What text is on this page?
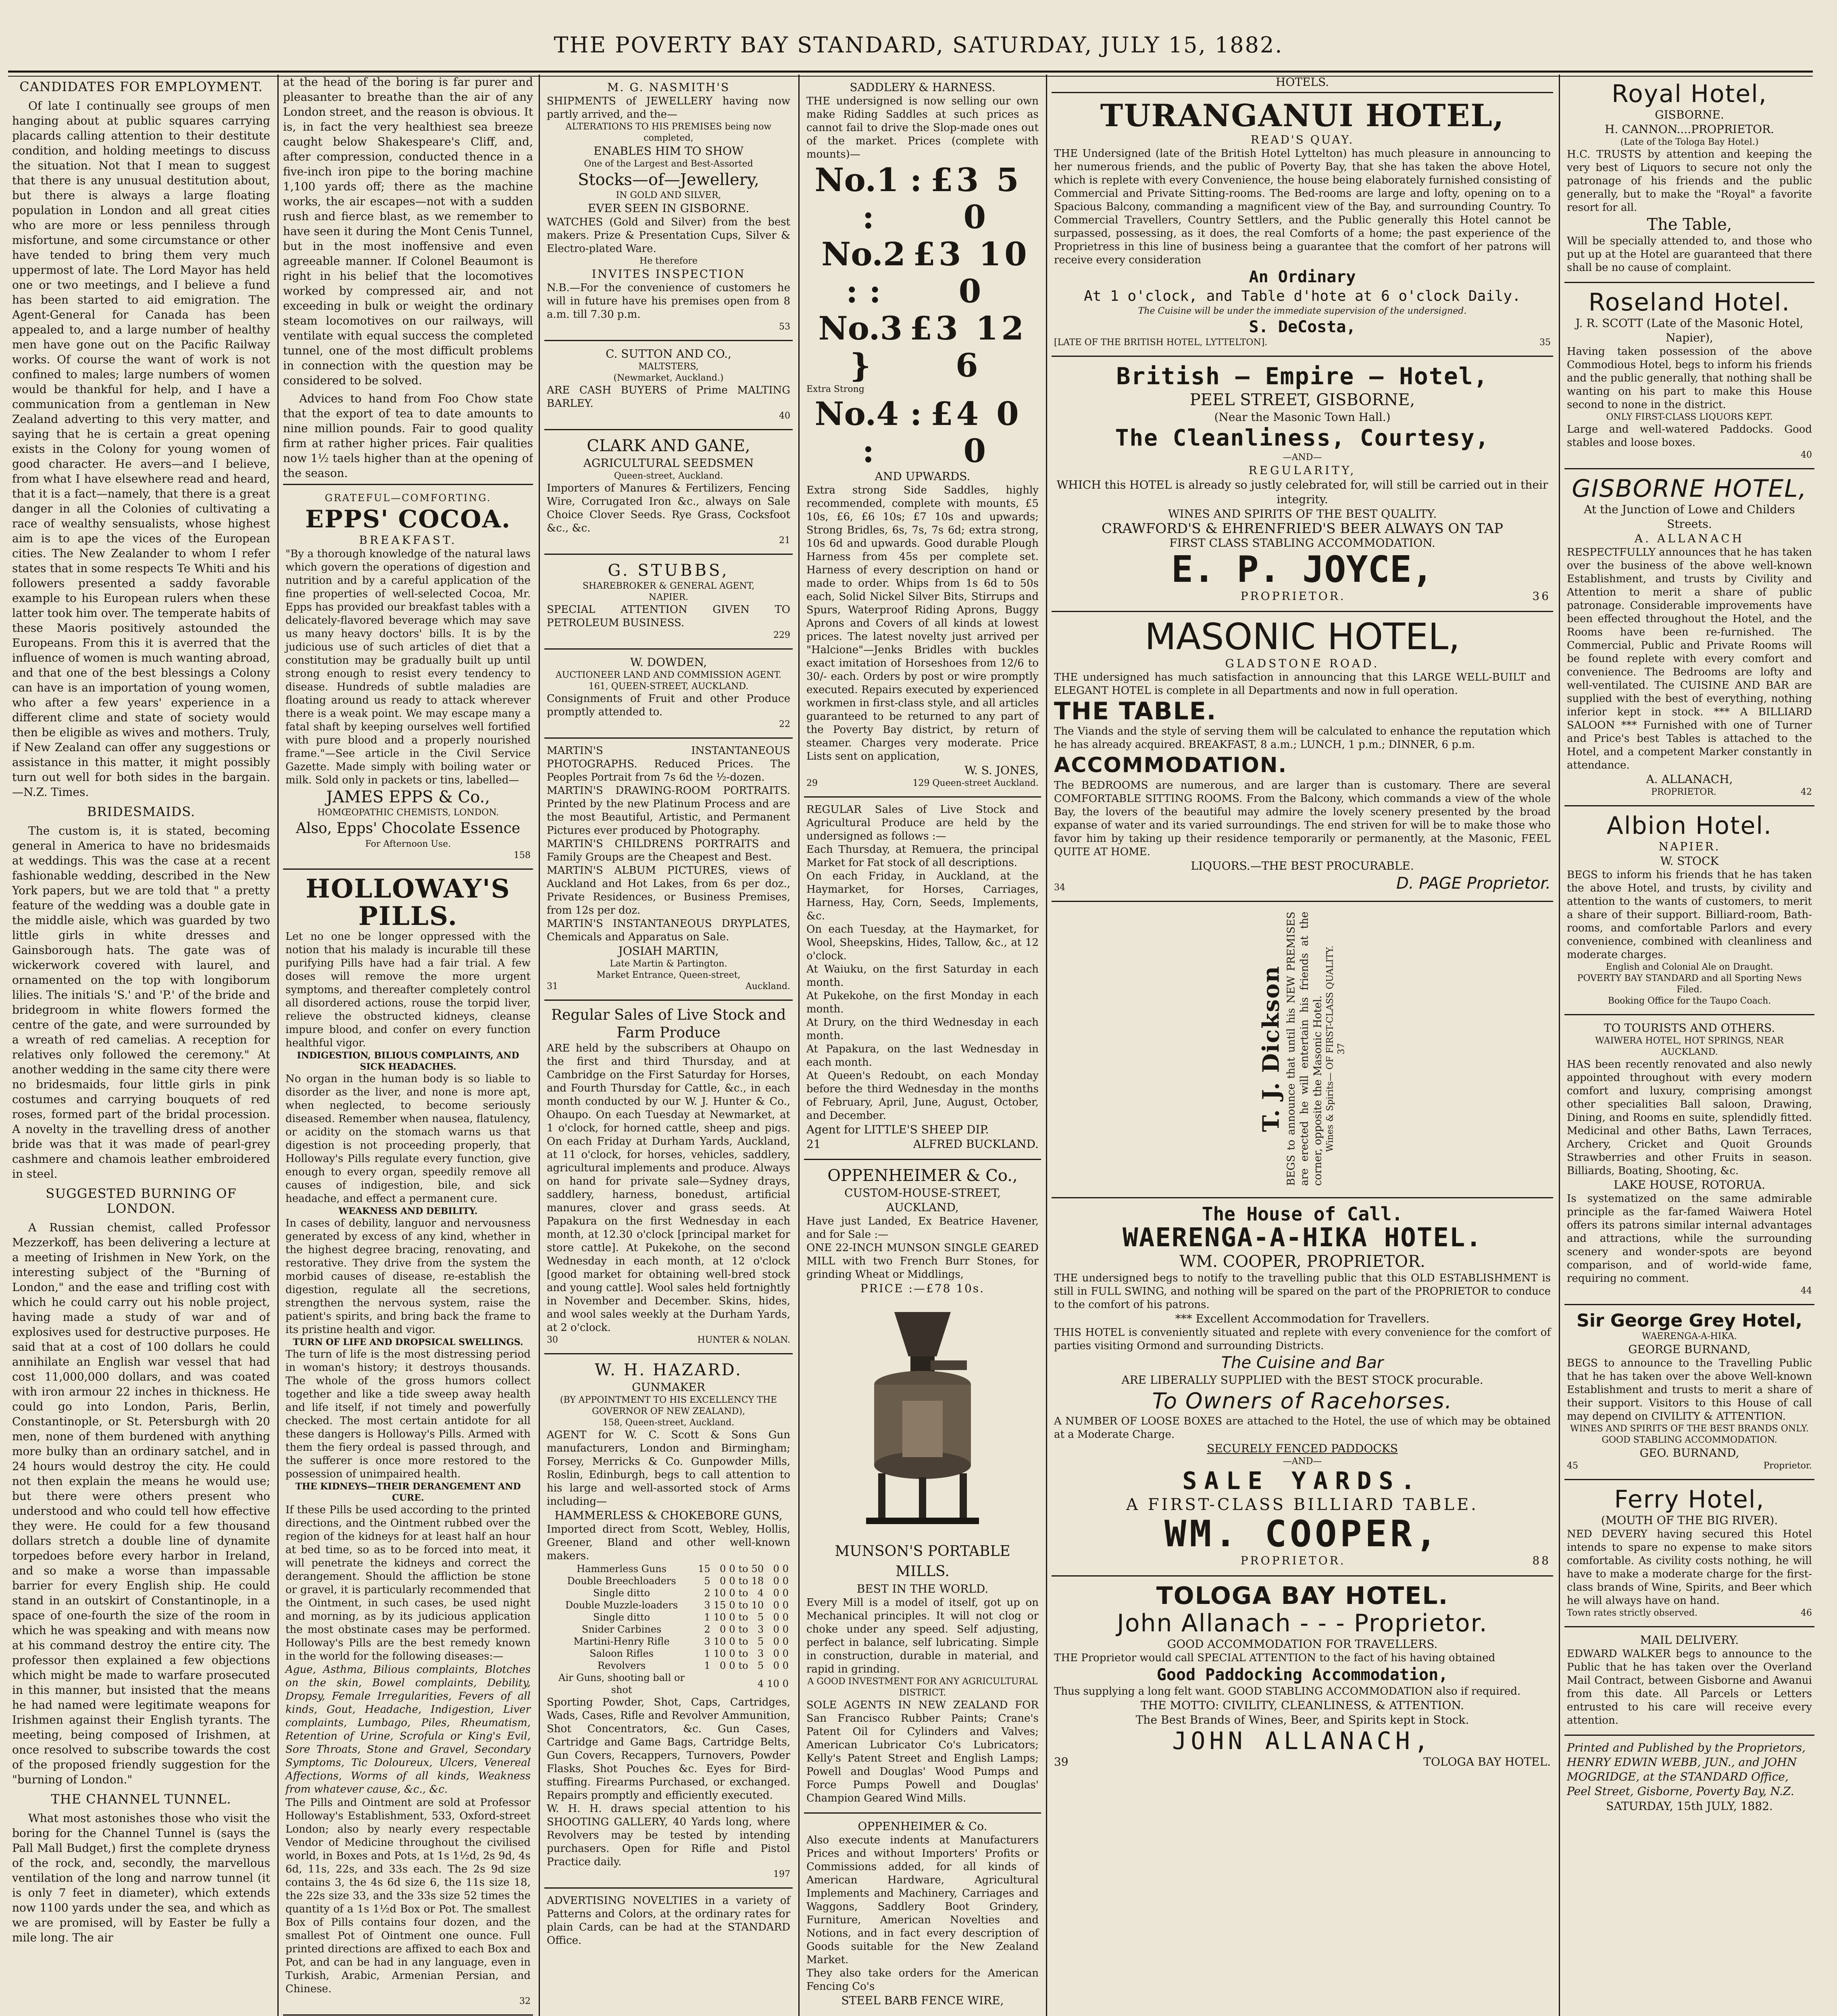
THE POVERTY BAY STANDARD, SATURDAY, JULY 15, 1882.
CANDIDATES FOR EMPLOYMENT.

Of late I continually see groups of men hanging about at public squares carrying placards calling attention to their destitute condition, and holding meetings to discuss the situation. Not that I mean to suggest that there is any unusual destitution about, but there is always a large floating population in London and all great cities who are more or less penniless through misfortune, and some circumstance or other have tended to bring them very much uppermost of late. The Lord Mayor has held one or two meetings, and I believe a fund has been started to aid emigration. The Agent-General for Canada has been appealed to, and a large number of healthy men have gone out on the Pacific Railway works. Of course the want of work is not confined to males; large numbers of women would be thankful for help, and I have a communication from a gentleman in New Zealand adverting to this very matter, and saying that he is certain a great opening exists in the Colony for young women of good character. He avers—and I believe, from what I have elsewhere read and heard, that it is a fact—namely, that there is a great danger in all the Colonies of cultivating a race of wealthy sensualists, whose highest aim is to ape the vices of the European cities. The New Zealander to whom I refer states that in some respects Te Whiti and his followers presented a saddy favorable example to his European rulers when these latter took him over. The temperate habits of these Maoris positively astounded the Europeans. From this it is averred that the influence of women is much wanting abroad, and that one of the best blessings a Colony can have is an importation of young women, who after a few years' experience in a different clime and state of society would then be eligible as wives and mothers. Truly, if New Zealand can offer any suggestions or assistance in this matter, it might possibly turn out well for both sides in the bargain. —N.Z. Times.

BRIDESMAIDS.

The custom is, it is stated, becoming general in America to have no bridesmaids at weddings. This was the case at a recent fashionable wedding, described in the New York papers, but we are told that " a pretty feature of the wedding was a double gate in the middle aisle, which was guarded by two little girls in white dresses and Gainsborough hats. The gate was of wickerwork covered with laurel, and ornamented on the top with longiborum lilies. The initials 'S.' and 'P.' of the bride and bridegroom in white flowers formed the centre of the gate, and were surrounded by a wreath of red camelias. A reception for relatives only followed the ceremony." At another wedding in the same city there were no bridesmaids, four little girls in pink costumes and carrying bouquets of red roses, formed part of the bridal procession. A novelty in the travelling dress of another bride was that it was made of pearl-grey cashmere and chamois leather embroidered in steel.

SUGGESTED BURNING OF LONDON.

A Russian chemist, called Professor Mezzerkoff, has been delivering a lecture at a meeting of Irishmen in New York, on the interesting subject of the "Burning of London," and the ease and trifling cost with which he could carry out his noble project, having made a study of war and of explosives used for destructive purposes. He said that at a cost of 100 dollars he could annihilate an English war vessel that had cost 11,000,000 dollars, and was coated with iron armour 22 inches in thickness. He could go into London, Paris, Berlin, Constantinople, or St. Petersburgh with 20 men, none of them burdened with anything more bulky than an ordinary satchel, and in 24 hours would destroy the city. He could not then explain the means he would use; but there were others present who understood and who could tell how effective they were. He could for a few thousand dollars stretch a double line of dynamite torpedoes before every harbor in Ireland, and so make a worse than impassable barrier for every English ship. He could stand in an outskirt of Constantinople, in a space of one-fourth the size of the room in which he was speaking and with means now at his command destroy the entire city. The professor then explained a few objections which might be made to warfare prosecuted in this manner, but insisted that the means he had named were legitimate weapons for Irishmen against their English tyrants. The meeting, being composed of Irishmen, at once resolved to subscribe towards the cost of the proposed friendly suggestion for the "burning of London."

THE CHANNEL TUNNEL.

What most astonishes those who visit the boring for the Channel Tunnel is (says the Pall Mall Budget,) first the complete dryness of the rock, and, secondly, the marvellous ventilation of the long and narrow tunnel (it is only 7 feet in diameter), which extends now 1100 yards under the sea, and which as we are promised, will by Easter be fully a mile long. The air

at the head of the boring is far purer and pleasanter to breathe than the air of any London street, and the reason is obvious. It is, in fact the very healthiest sea breeze caught below Shakespeare's Cliff, and, after compression, conducted thence in a five-inch iron pipe to the boring machine 1,100 yards off; there as the machine works, the air escapes—not with a sudden rush and fierce blast, as we remember to have seen it during the Mont Cenis Tunnel, but in the most inoffensive and even agreeable manner. If Colonel Beaumont is right in his belief that the locomotives worked by compressed air, and not exceeding in bulk or weight the ordinary steam locomotives on our railways, will ventilate with equal success the completed tunnel, one of the most difficult problems in connection with the question may be considered to be solved.

Advices to hand from Foo Chow state that the export of tea to date amounts to nine million pounds. Fair to good quality firm at rather higher prices. Fair qualities now 1½ taels higher than at the opening of the season.

GRATEFUL—COMFORTING.
EPPS' COCOA.
BREAKFAST.
"By a thorough knowledge of the natural laws which govern the operations of digestion and nutrition and by a careful application of the fine properties of well-selected Cocoa, Mr. Epps has provided our breakfast tables with a delicately-flavored beverage which may save us many heavy doctors' bills. It is by the judicious use of such articles of diet that a constitution may be gradually built up until strong enough to resist every tendency to disease. Hundreds of subtle maladies are floating around us ready to attack wherever there is a weak point. We may escape many a fatal shaft by keeping ourselves well fortified with pure blood and a properly nourished frame."—See article in the Civil Service Gazette. Made simply with boiling water or milk. Sold only in packets or tins, labelled—
JAMES EPPS & Co.,
HOMŒOPATHIC CHEMISTS, LONDON.
Also, Epps' Chocolate Essence
For Afternoon Use.
158
HOLLOWAY'S PILLS.
Let no one be longer oppressed with the notion that his malady is incurable till these purifying Pills have had a fair trial. A few doses will remove the more urgent symptoms, and thereafter completely control all disordered actions, rouse the torpid liver, relieve the obstructed kidneys, cleanse impure blood, and confer on every function healthful vigor.
INDIGESTION, BILIOUS COMPLAINTS, AND SICK HEADACHES.
No organ in the human body is so liable to disorder as the liver, and none is more apt, when neglected, to become seriously diseased. Remember when nausea, flatulency, or acidity on the stomach warns us that digestion is not proceeding properly, that Holloway's Pills regulate every function, give enough to every organ, speedily remove all causes of indigestion, bile, and sick headache, and effect a permanent cure.
WEAKNESS AND DEBILITY.
In cases of debility, languor and nervousness generated by excess of any kind, whether in the highest degree bracing, renovating, and restorative. They drive from the system the morbid causes of disease, re-establish the digestion, regulate all the secretions, strengthen the nervous system, raise the patient's spirits, and bring back the frame to its pristine health and vigor.
TURN OF LIFE AND DROPSICAL SWELLINGS.
The turn of life is the most distressing period in woman's history; it destroys thousands. The whole of the gross humors collect together and like a tide sweep away health and life itself, if not timely and powerfully checked. The most certain antidote for all these dangers is Holloway's Pills. Armed with them the fiery ordeal is passed through, and the sufferer is once more restored to the possession of unimpaired health.
THE KIDNEYS—THEIR DERANGEMENT AND CURE.
If these Pills be used according to the printed directions, and the Ointment rubbed over the region of the kidneys for at least half an hour at bed time, so as to be forced into meat, it will penetrate the kidneys and correct the derangement. Should the affliction be stone or gravel, it is particularly recommended that the Ointment, in such cases, be used night and morning, as by its judicious application the most obstinate cases may be performed. Holloway's Pills are the best remedy known in the world for the following diseases:—
Ague, Asthma, Bilious complaints, Blotches on the skin, Bowel complaints, Debility, Dropsy, Female Irregularities, Fevers of all kinds, Gout, Headache, Indigestion, Liver complaints, Lumbago, Piles, Rheumatism, Retention of Urine, Scrofula or King's Evil, Sore Throats, Stone and Gravel, Secondary Symptoms, Tic Doloureux, Ulcers, Venereal Affections, Worms of all kinds, Weakness from whatever cause, &c., &c.
The Pills and Ointment are sold at Professor Holloway's Establishment, 533, Oxford-street London; also by nearly every respectable Vendor of Medicine throughout the civilised world, in Boxes and Pots, at 1s 1½d, 2s 9d, 4s 6d, 11s, 22s, and 33s each. The 2s 9d size contains 3, the 4s 6d size 6, the 11s size 18, the 22s size 33, and the 33s size 52 times the quantity of a 1s 1½d Box or Pot. The smallest Box of Pills contains four dozen, and the smallest Pot of Ointment one ounce. Full printed directions are affixed to each Box and Pot, and can be had in any language, even in Turkish, Arabic, Armenian Persian, and Chinese.
32
M. G. NASMITH'S
SHIPMENTS of JEWELLERY having now partly arrived, and the—
ALTERATIONS TO HIS PREMISES being now completed,
ENABLES HIM TO SHOW
One of the Largest and Best-Assorted
Stocks—of—Jewellery,
IN GOLD AND SILVER,
EVER SEEN IN GISBORNE.
WATCHES (Gold and Silver) from the best makers. Prize & Presentation Cups, Silver & Electro-plated Ware.
He therefore
INVITES INSPECTION
N.B.—For the convenience of customers he will in future have his premises open from 8 a.m. till 7.30 p.m.
53
C. SUTTON AND CO.,
MALTSTERS,
(Newmarket, Auckland.)
ARE CASH BUYERS of Prime MALTING BARLEY.
40
CLARK AND GANE,
AGRICULTURAL SEEDSMEN
Queen-street, Auckland.
Importers of Manures & Fertilizers, Fencing Wire, Corrugated Iron &c., always on Sale Choice Clover Seeds. Rye Grass, Cocksfoot &c., &c.
21
G. STUBBS,
SHAREBROKER & GENERAL AGENT,
NAPIER.
SPECIAL ATTENTION GIVEN TO PETROLEUM BUSINESS.
229
W. DOWDEN,
AUCTIONEER LAND AND COMMISSION AGENT.
161, QUEEN-STREET, AUCKLAND.
Consignments of Fruit and other Produce promptly attended to.
22
MARTIN'S INSTANTANEOUS PHOTOGRAPHS. Reduced Prices. The Peoples Portrait from 7s 6d the ½-dozen.
MARTIN'S DRAWING-ROOM PORTRAITS. Printed by the new Platinum Process and are the most Beautiful, Artistic, and Permanent Pictures ever produced by Photography.
MARTIN'S CHILDRENS PORTRAITS and Family Groups are the Cheapest and Best.
MARTIN'S ALBUM PICTURES, views of Auckland and Hot Lakes, from 6s per doz., Private Residences, or Business Premises, from 12s per doz.
MARTIN'S INSTANTANEOUS DRYPLATES, Chemicals and Apparatus on Sale.
JOSIAH MARTIN,
Late Martin & Partington.
Market Entrance, Queen-street,
31	Auckland.
Regular Sales of Live Stock and Farm Produce
ARE held by the subscribers at Ohaupo on the first and third Thursday, and at Cambridge on the First Saturday for Horses, and Fourth Thursday for Cattle, &c., in each month conducted by our W. J. Hunter & Co., Ohaupo. On each Tuesday at Newmarket, at 1 o'clock, for horned cattle, sheep and pigs. On each Friday at Durham Yards, Auckland, at 11 o'clock, for horses, vehicles, saddlery, agricultural implements and produce. Always on hand for private sale—Sydney drays, saddlery, harness, bonedust, artificial manures, clover and grass seeds. At Papakura on the first Wednesday in each month, at 12.30 o'clock [principal market for store cattle]. At Pukekohe, on the second Wednesday in each month, at 12 o'clock [good market for obtaining well-bred stock and young cattle]. Wool sales held fortnightly in November and December. Skins, hides, and wool sales weekly at the Durham Yards, at 2 o'clock.
30	HUNTER & NOLAN.
W. H. HAZARD.
GUNMAKER
(BY APPOINTMENT TO HIS EXCELLENCY THE GOVERNOR OF NEW ZEALAND),
158, Queen-street, Auckland.
AGENT for W. C. Scott & Sons Gun manufacturers, London and Birmingham; Forsey, Merricks & Co. Gunpowder Mills, Roslin, Edinburgh, begs to call attention to his large and well-assorted stock of Arms including—
HAMMERLESS & CHOKEBORE GUNS,
Imported direct from Scott, Webley, Hollis, Greener, Bland and other well-known makers.
Hammerless Guns	15	0	0	to	50	0	0
Double Breechloaders	5	0	0	to	18	0	0
Single ditto	2	10	0	to	4	0	0
Double Muzzle-loaders	3	15	0	to	10	0	0
Single ditto	1	10	0	to	5	0	0
Snider Carbines	2	0	0	to	3	0	0
Martini-Henry Rifle	3	10	0	to	5	0	0
Saloon Rifles	1	10	0	to	3	0	0
Revolvers	1	0	0	to	5	0	0
Air Guns, shooting ball or shot					4	10	0
Sporting Powder, Shot, Caps, Cartridges, Wads, Cases, Rifle and Revolver Ammunition, Shot Concentrators, &c. Gun Cases, Cartridge and Game Bags, Cartridge Belts, Gun Covers, Recappers, Turnovers, Powder Flasks, Shot Pouches &c. Eyes for Bird-stuffing. Firearms Purchased, or exchanged. Repairs promptly and efficiently executed.
W. H. H. draws special attention to his SHOOTING GALLERY, 40 Yards long, where Revolvers may be tested by intending purchasers. Open for Rifle and Pistol Practice daily.
197
ADVERTISING NOVELTIES in a variety of Patterns and Colors, at the ordinary rates for plain Cards, can be had at the STANDARD Office.
SADDLERY & HARNESS.
THE undersigned is now selling our own make Riding Saddles at such prices as cannot fail to drive the Slop-made ones out of the market. Prices (complete with mounts)—
No.1 : :
£3 5 0
No.2 : :
£3 10 0
No.3 }
£3 12 6
Extra Strong
No.4 : :
£4 0 0
AND UPWARDS.
Extra strong Side Saddles, highly recommended, complete with mounts, £5 10s, £6, £6 10s; £7 10s and upwards; Strong Bridles, 6s, 7s, 7s 6d; extra strong, 10s 6d and upwards. Good durable Plough Harness from 45s per complete set. Harness of every description on hand or made to order. Whips from 1s 6d to 50s each, Solid Nickel Silver Bits, Stirrups and Spurs, Waterproof Riding Aprons, Buggy Aprons and Covers of all kinds at lowest prices. The latest novelty just arrived per "Halcione"—Jenks Bridles with buckles exact imitation of Horseshoes from 12/6 to 30/- each. Orders by post or wire promptly executed. Repairs executed by experienced workmen in first-class style, and all articles guaranteed to be returned to any part of the Poverty Bay district, by return of steamer. Charges very moderate. Price Lists sent on application,
W. S. JONES,
29	129 Queen-street Auckland.
REGULAR Sales of Live Stock and Agricultural Produce are held by the undersigned as follows :—
Each Thursday, at Remuera, the principal Market for Fat stock of all descriptions.
On each Friday, in Auckland, at the Haymarket, for Horses, Carriages, Harness, Hay, Corn, Seeds, Implements, &c.
On each Tuesday, at the Haymarket, for Wool, Sheepskins, Hides, Tallow, &c., at 12 o'clock.
At Waiuku, on the first Saturday in each month.
At Pukekohe, on the first Monday in each month.
At Drury, on the third Wednesday in each month.
At Papakura, on the last Wednesday in each month.
At Queen's Redoubt, on each Monday before the third Wednesday in the months of February, April, June, August, October, and December.
Agent for LITTLE'S SHEEP DIP.
21	ALFRED BUCKLAND.
OPPENHEIMER & Co.,
CUSTOM-HOUSE-STREET,
AUCKLAND,
Have just Landed, Ex Beatrice Havener, and for Sale :—
ONE 22-INCH MUNSON SINGLE GEARED MILL with two French Burr Stones, for grinding Wheat or Middlings,
PRICE :—£78 10s.
MUNSON'S PORTABLE MILLS.
BEST IN THE WORLD.
Every Mill is a model of itself, got up on Mechanical principles. It will not clog or choke under any speed. Self adjusting, perfect in balance, self lubricating. Simple in construction, durable in material, and rapid in grinding.
A GOOD INVESTMENT FOR ANY AGRICULTURAL DISTRICT.
SOLE AGENTS IN NEW ZEALAND FOR San Francisco Rubber Paints; Crane's Patent Oil for Cylinders and Valves; American Lubricator Co's Lubricators; Kelly's Patent Street and English Lamps; Powell and Douglas' Wood Pumps and Force Pumps Powell and Douglas' Champion Geared Wind Mills.
OPPENHEIMER & Co.
Also execute indents at Manufacturers Prices and without Importers' Profits or Commissions added, for all kinds of American Hardware, Agricultural Implements and Machinery, Carriages and Waggons, Saddlery Boot Grindery, Furniture, American Novelties and Notions, and in fact every description of Goods suitable for the New Zealand Market.
They also take orders for the American Fencing Co's
STEEL BARB FENCE WIRE,
HOTELS.
TURANGANUI HOTEL,
READ'S QUAY.
THE Undersigned (late of the British Hotel Lyttelton) has much pleasure in announcing to her numerous friends, and the public of Poverty Bay, that she has taken the above Hotel, which is replete with every Convenience, the house being elaborately furnished consisting of Commercial and Private Sitting-rooms. The Bed-rooms are large and lofty, opening on to a Spacious Balcony, commanding a magnificent view of the Bay, and surrounding Country. To Commercial Travellers, Country Settlers, and the Public generally this Hotel cannot be surpassed, possessing, as it does, the real Comforts of a home; the past experience of the Proprietress in this line of business being a guarantee that the comfort of her patrons will receive every consideration
An Ordinary
At 1 o'clock, and Table d'hote at 6 o'clock Daily.
The Cuisine will be under the immediate supervision of the undersigned.
S. DeCosta,
[LATE OF THE BRITISH HOTEL, LYTTELTON].	35
British — Empire — Hotel,
PEEL STREET, GISBORNE,
(Near the Masonic Town Hall.)
The Cleanliness, Courtesy,
—AND—
REGULARITY,
WHICH this HOTEL is already so justly celebrated for, will still be carried out in their integrity.
WINES AND SPIRITS OF THE BEST QUALITY.
CRAWFORD'S & EHRENFRIED'S BEER ALWAYS ON TAP
FIRST CLASS STABLING ACCOMMODATION.
E. P. JOYCE,
PROPRIETOR.	36
MASONIC HOTEL,
GLADSTONE ROAD.
THE undersigned has much satisfaction in announcing that this LARGE WELL-BUILT and ELEGANT HOTEL is complete in all Departments and now in full operation.
THE TABLE.
The Viands and the style of serving them will be calculated to enhance the reputation which he has already acquired. BREAKFAST, 8 a.m.; LUNCH, 1 p.m.; DINNER, 6 p.m.
ACCOMMODATION.
The BEDROOMS are numerous, and are larger than is customary. There are several COMFORTABLE SITTING ROOMS. From the Balcony, which commands a view of the whole Bay, the lovers of the beautiful may admire the lovely scenery presented by the broad expanse of water and its varied surroundings. The end striven for will be to make those who favor him by taking up their residence temporarily or permanently, at the Masonic, FEEL QUITE AT HOME.
LIQUORS.—THE BEST PROCURABLE.
34	D. PAGE Proprietor.
T. J. Dickson BEGS to announce that until his NEW PREMISES are erected he will entertain his friends at the corner, opposite the Masonic Hotel. Wines & Spirits— OF FIRST-CLASS QUALITY. 37
The House of Call.
WAERENGA-A-HIKA HOTEL.
WM. COOPER, PROPRIETOR.
THE undersigned begs to notify to the travelling public that this OLD ESTABLISHMENT is still in FULL SWING, and nothing will be spared on the part of the PROPRIETOR to conduce to the comfort of his patrons.
*** Excellent Accommodation for Travellers.
THIS HOTEL is conveniently situated and replete with every convenience for the comfort of parties visiting Ormond and surrounding Districts.
The Cuisine and Bar
ARE LIBERALLY SUPPLIED with the BEST STOCK procurable.
To Owners of Racehorses.
A NUMBER OF LOOSE BOXES are attached to the Hotel, the use of which may be obtained at a Moderate Charge.
SECURELY FENCED PADDOCKS
—AND—
SALE YARDS.
A FIRST-CLASS BILLIARD TABLE.
WM. COOPER,
PROPRIETOR.	88
TOLOGA BAY HOTEL.
John Allanach - - - Proprietor.
GOOD ACCOMMODATION FOR TRAVELLERS.
THE Proprietor would call SPECIAL ATTENTION to the fact of his having obtained
Good Paddocking Accommodation,
Thus supplying a long felt want. GOOD STABLING ACCOMMODATION also if required.
THE MOTTO: CIVILITY, CLEANLINESS, & ATTENTION.
The Best Brands of Wines, Beer, and Spirits kept in Stock.
JOHN ALLANACH,
39	TOLOGA BAY HOTEL.
Royal Hotel,
GISBORNE.
H. CANNON....PROPRIETOR.
(Late of the Tologa Bay Hotel.)
H.C. TRUSTS by attention and keeping the very best of Liquors to secure not only the patronage of his friends and the public generally, but to make the "Royal" a favorite resort for all.
The Table,
Will be specially attended to, and those who put up at the Hotel are guaranteed that there shall be no cause of complaint.
Roseland Hotel.
J. R. SCOTT (Late of the Masonic Hotel, Napier),
Having taken possession of the above Commodious Hotel, begs to inform his friends and the public generally, that nothing shall be wanting on his part to make this House second to none in the district.
ONLY FIRST-CLASS LIQUORS KEPT.
Large and well-watered Paddocks. Good stables and loose boxes.
40
GISBORNE HOTEL,
At the Junction of Lowe and Childers Streets.
A. ALLANACH
RESPECTFULLY announces that he has taken over the business of the above well-known Establishment, and trusts by Civility and Attention to merit a share of public patronage. Considerable improvements have been effected throughout the Hotel, and the Rooms have been re-furnished. The Commercial, Public and Private Rooms will be found replete with every comfort and convenience. The Bedrooms are lofty and well-ventilated. The CUISINE AND BAR are supplied with the best of everything, nothing inferior kept in stock. *** A BILLIARD SALOON *** Furnished with one of Turner and Price's best Tables is attached to the Hotel, and a competent Marker constantly in attendance.
A. ALLANACH,
PROPRIETOR.	42
Albion Hotel.
NAPIER.
W. STOCK
BEGS to inform his friends that he has taken the above Hotel, and trusts, by civility and attention to the wants of customers, to merit a share of their support. Billiard-room, Bath-rooms, and comfortable Parlors and every convenience, combined with cleanliness and moderate charges.
English and Colonial Ale on Draught.
POVERTY BAY STANDARD and all Sporting News Filed.
Booking Office for the Taupo Coach.
TO TOURISTS AND OTHERS.
WAIWERA HOTEL, HOT SPRINGS, NEAR AUCKLAND.
HAS been recently renovated and also newly appointed throughout with every modern comfort and luxury, comprising amongst other specialities Ball saloon, Drawing, Dining, and Rooms en suite, splendidly fitted. Medicinal and other Baths, Lawn Terraces, Archery, Cricket and Quoit Grounds Strawberries and other Fruits in season. Billiards, Boating, Shooting, &c.
LAKE HOUSE, ROTORUA.
Is systematized on the same admirable principle as the far-famed Waiwera Hotel offers its patrons similar internal advantages and attractions, while the surrounding scenery and wonder-spots are beyond comparison, and of world-wide fame, requiring no comment.
44
Sir George Grey Hotel,
WAERENGA-A-HIKA.
GEORGE BURNAND,
BEGS to announce to the Travelling Public that he has taken over the above Well-known Establishment and trusts to merit a share of their support. Visitors to this House of call may depend on CIVILITY & ATTENTION.
WINES AND SPIRITS OF THE BEST BRANDS ONLY.
GOOD STABLING ACCOMMODATION.
GEO. BURNAND,
45	Proprietor.
Ferry Hotel,
(MOUTH OF THE BIG RIVER).
NED DEVERY having secured this Hotel intends to spare no expense to make sitors comfortable. As civility costs nothing, he will have to make a moderate charge for the first-class brands of Wine, Spirits, and Beer which he will always have on hand.
Town rates strictly observed.	46
MAIL DELIVERY.
EDWARD WALKER begs to announce to the Public that he has taken over the Overland Mail Contract, between Gisborne and Awanui from this date. All Parcels or Letters entrusted to his care will receive every attention.
Printed and Published by the Proprietors, HENRY EDWIN WEBB, JUN., and JOHN MOGRIDGE, at the STANDARD Office, Peel Street, Gisborne, Poverty Bay, N.Z.
SATURDAY, 15th JULY, 1882.
